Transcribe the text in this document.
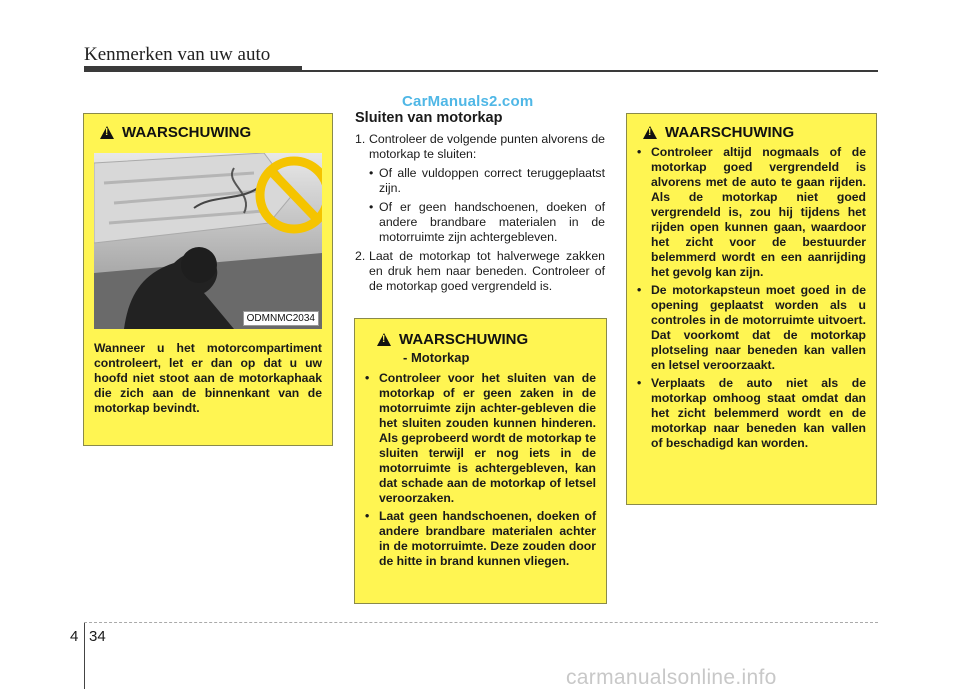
Kenmerken van uw auto
CarManuals2.com
!
WAARSCHUWING
ODMNMC2034

Wanneer u het motorcompartiment controleert, let er dan op dat u uw hoofd niet stoot aan de motorkaphaak die zich aan de binnenkant van de motorkap bevindt.

Sluiten van motorkap
1. Controleer de volgende punten alvorens de motorkap te sluiten:
• Of alle vuldoppen correct teruggeplaatst zijn.
• Of er geen handschoenen, doeken of andere brandbare materialen in de motorruimte zijn achtergebleven.
2. Laat de motorkap tot halverwege zakken en druk hem naar beneden. Controleer of de motorkap goed vergrendeld is.
!
WAARSCHUWING
- Motorkap
• Controleer voor het sluiten van de motorkap of er geen zaken in de motorruimte zijn achter-gebleven die het sluiten zouden kunnen hinderen. Als geprobeerd wordt de motorkap te sluiten terwijl er nog iets in de motorruimte is achtergebleven, kan dat schade aan de motorkap of letsel veroorzaken.
• Laat geen handschoenen, doeken of andere brandbare materialen achter in de motorruimte. Deze zouden door de hitte in brand kunnen vliegen.
!
WAARSCHUWING
• Controleer altijd nogmaals of de motorkap goed vergrendeld is alvorens met de auto te gaan rijden. Als de motorkap niet goed vergrendeld is, zou hij tijdens het rijden open kunnen gaan, waardoor het zicht voor de bestuurder belemmerd wordt en een aanrijding het gevolg kan zijn.
• De motorkapsteun moet goed in de opening geplaatst worden als u controles in de motorruimte uitvoert. Dat voorkomt dat de motorkap plotseling naar beneden kan vallen en letsel veroorzaakt.
• Verplaats de auto niet als de motorkap omhoog staat omdat dan het zicht belemmerd wordt en de motorkap naar beneden kan vallen of beschadigd kan worden.
4 34
carmanualsonline.info
